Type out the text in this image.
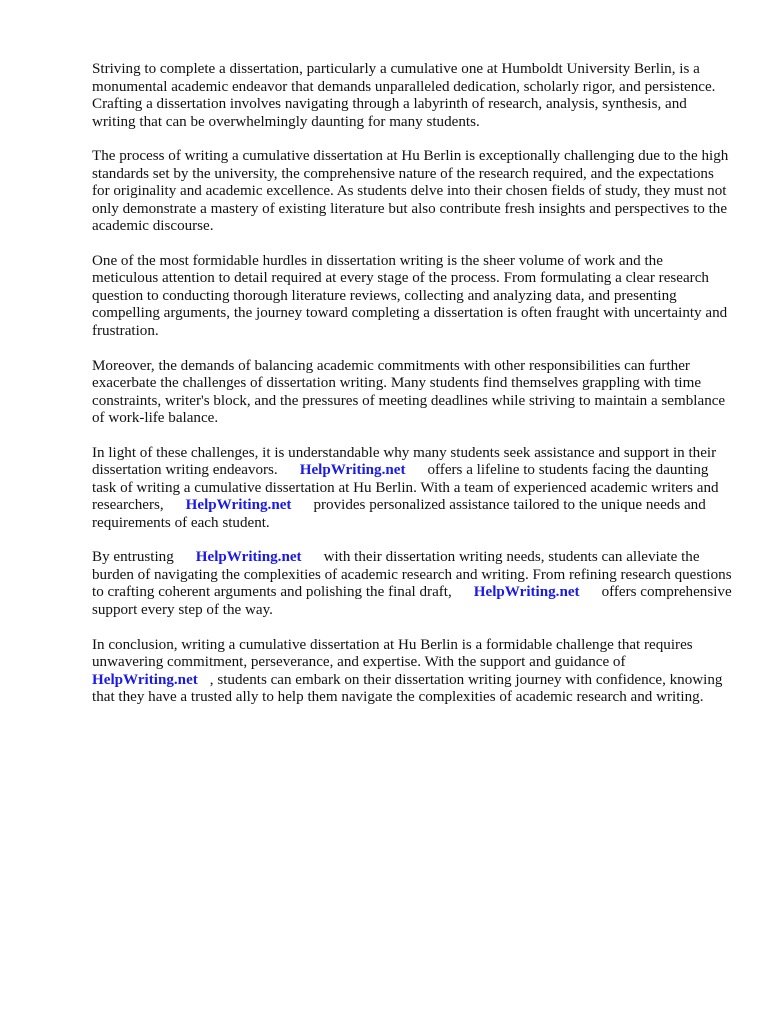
Striving to complete a dissertation, particularly a cumulative one at Humboldt University Berlin, is a monumental academic endeavor that demands unparalleled dedication, scholarly rigor, and persistence. Crafting a dissertation involves navigating through a labyrinth of research, analysis, synthesis, and writing that can be overwhelmingly daunting for many students.

The process of writing a cumulative dissertation at Hu Berlin is exceptionally challenging due to the high standards set by the university, the comprehensive nature of the research required, and the expectations for originality and academic excellence. As students delve into their chosen fields of study, they must not only demonstrate a mastery of existing literature but also contribute fresh insights and perspectives to the academic discourse.

One of the most formidable hurdles in dissertation writing is the sheer volume of work and the meticulous attention to detail required at every stage of the process. From formulating a clear research question to conducting thorough literature reviews, collecting and analyzing data, and presenting compelling arguments, the journey toward completing a dissertation is often fraught with uncertainty and frustration.

Moreover, the demands of balancing academic commitments with other responsibilities can further exacerbate the challenges of dissertation writing. Many students find themselves grappling with time constraints, writer's block, and the pressures of meeting deadlines while striving to maintain a semblance of work-life balance.

In light of these challenges, it is understandable why many students seek assistance and support in their dissertation writing endeavors. HelpWriting.net offers a lifeline to students facing the daunting task of writing a cumulative dissertation at Hu Berlin. With a team of experienced academic writers and researchers, HelpWriting.net provides personalized assistance tailored to the unique needs and requirements of each student.

By entrusting HelpWriting.net with their dissertation writing needs, students can alleviate the burden of navigating the complexities of academic research and writing. From refining research questions to crafting coherent arguments and polishing the final draft, HelpWriting.net offers comprehensive support every step of the way.

In conclusion, writing a cumulative dissertation at Hu Berlin is a formidable challenge that requires unwavering commitment, perseverance, and expertise. With the support and guidance of HelpWriting.net , students can embark on their dissertation writing journey with confidence, knowing that they have a trusted ally to help them navigate the complexities of academic research and writing.
